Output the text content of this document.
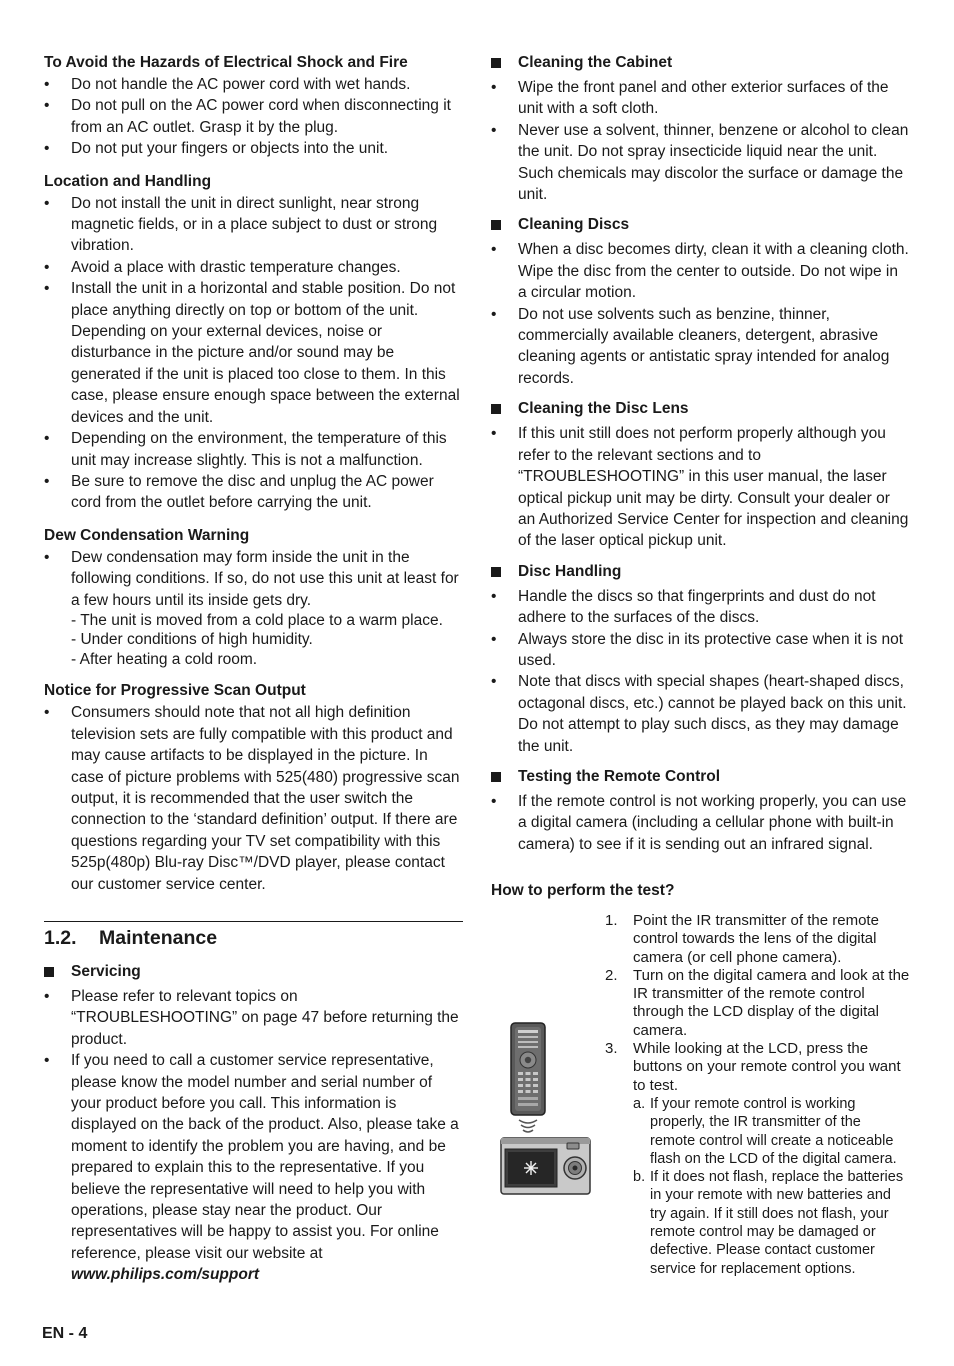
To Avoid the Hazards of Electrical Shock and Fire
• Do not handle the AC power cord with wet hands.
• Do not pull on the AC power cord when disconnecting it from an AC outlet. Grasp it by the plug.
• Do not put your fingers or objects into the unit.
Location and Handling
• Do not install the unit in direct sunlight, near strong magnetic fields, or in a place subject to dust or strong vibration.
• Avoid a place with drastic temperature changes.
• Install the unit in a horizontal and stable position. Do not place anything directly on top or bottom of the unit. Depending on your external devices, noise or disturbance in the picture and/or sound may be generated if the unit is placed too close to them. In this case, please ensure enough space between the external devices and the unit.
• Depending on the environment, the temperature of this unit may increase slightly. This is not a malfunction.
• Be sure to remove the disc and unplug the AC power cord from the outlet before carrying the unit.
Dew Condensation Warning
• Dew condensation may form inside the unit in the following conditions. If so, do not use this unit at least for a few hours until its inside gets dry.
- The unit is moved from a cold place to a warm place.
- Under conditions of high humidity.
- After heating a cold room.
Notice for Progressive Scan Output
• Consumers should note that not all high definition television sets are fully compatible with this product and may cause artifacts to be displayed in the picture. In case of picture problems with 525(480) progressive scan output, it is recommended that the user switch the connection to the ‘standard definition’ output. If there are questions regarding your TV set compatibility with this 525p(480p) Blu-ray Disc™/DVD player, please contact our customer service center.
1.2. Maintenance
Servicing
• Please refer to relevant topics on “TROUBLESHOOTING” on page 47 before returning the product.
• If you need to call a customer service representative, please know the model number and serial number of your product before you call. This information is displayed on the back of the product. Also, please take a moment to identify the problem you are having, and be prepared to explain this to the representative. If you believe the representative will need to help you with operations, please stay near the product. Our representatives will be happy to assist you. For online reference, please visit our website at
www.philips.com/support
Cleaning the Cabinet
• Wipe the front panel and other exterior surfaces of the unit with a soft cloth.
• Never use a solvent, thinner, benzene or alcohol to clean the unit. Do not spray insecticide liquid near the unit. Such chemicals may discolor the surface or damage the unit.
Cleaning Discs
• When a disc becomes dirty, clean it with a cleaning cloth. Wipe the disc from the center to outside. Do not wipe in a circular motion.
• Do not use solvents such as benzine, thinner, commercially available cleaners, detergent, abrasive cleaning agents or antistatic spray intended for analog records.
Cleaning the Disc Lens
• If this unit still does not perform properly although you refer to the relevant sections and to “TROUBLESHOOTING” in this user manual, the laser optical pickup unit may be dirty. Consult your dealer or an Authorized Service Center for inspection and cleaning of the laser optical pickup unit.
Disc Handling
• Handle the discs so that fingerprints and dust do not adhere to the surfaces of the discs.
• Always store the disc in its protective case when it is not used.
• Note that discs with special shapes (heart-shaped discs, octagonal discs, etc.) cannot be played back on this unit. Do not attempt to play such discs, as they may damage the unit.
Testing the Remote Control
• If the remote control is not working properly, you can use a digital camera (including a cellular phone with built-in camera) to see if it is sending out an infrared signal.
How to perform the test?
1. Point the IR transmitter of the remote control towards the lens of the digital camera (or cell phone camera).
2. Turn on the digital camera and look at the IR transmitter of the remote control through the LCD display of the digital camera.
3. While looking at the LCD, press the buttons on your remote control you want to test.
a. If your remote control is working properly, the IR transmitter of the remote control will create a noticeable flash on the LCD of the digital camera.
b. If it does not flash, replace the batteries in your remote with new batteries and try again. If it still does not flash, your remote control may be damaged or defective. Please contact customer service for replacement options.
EN - 4
